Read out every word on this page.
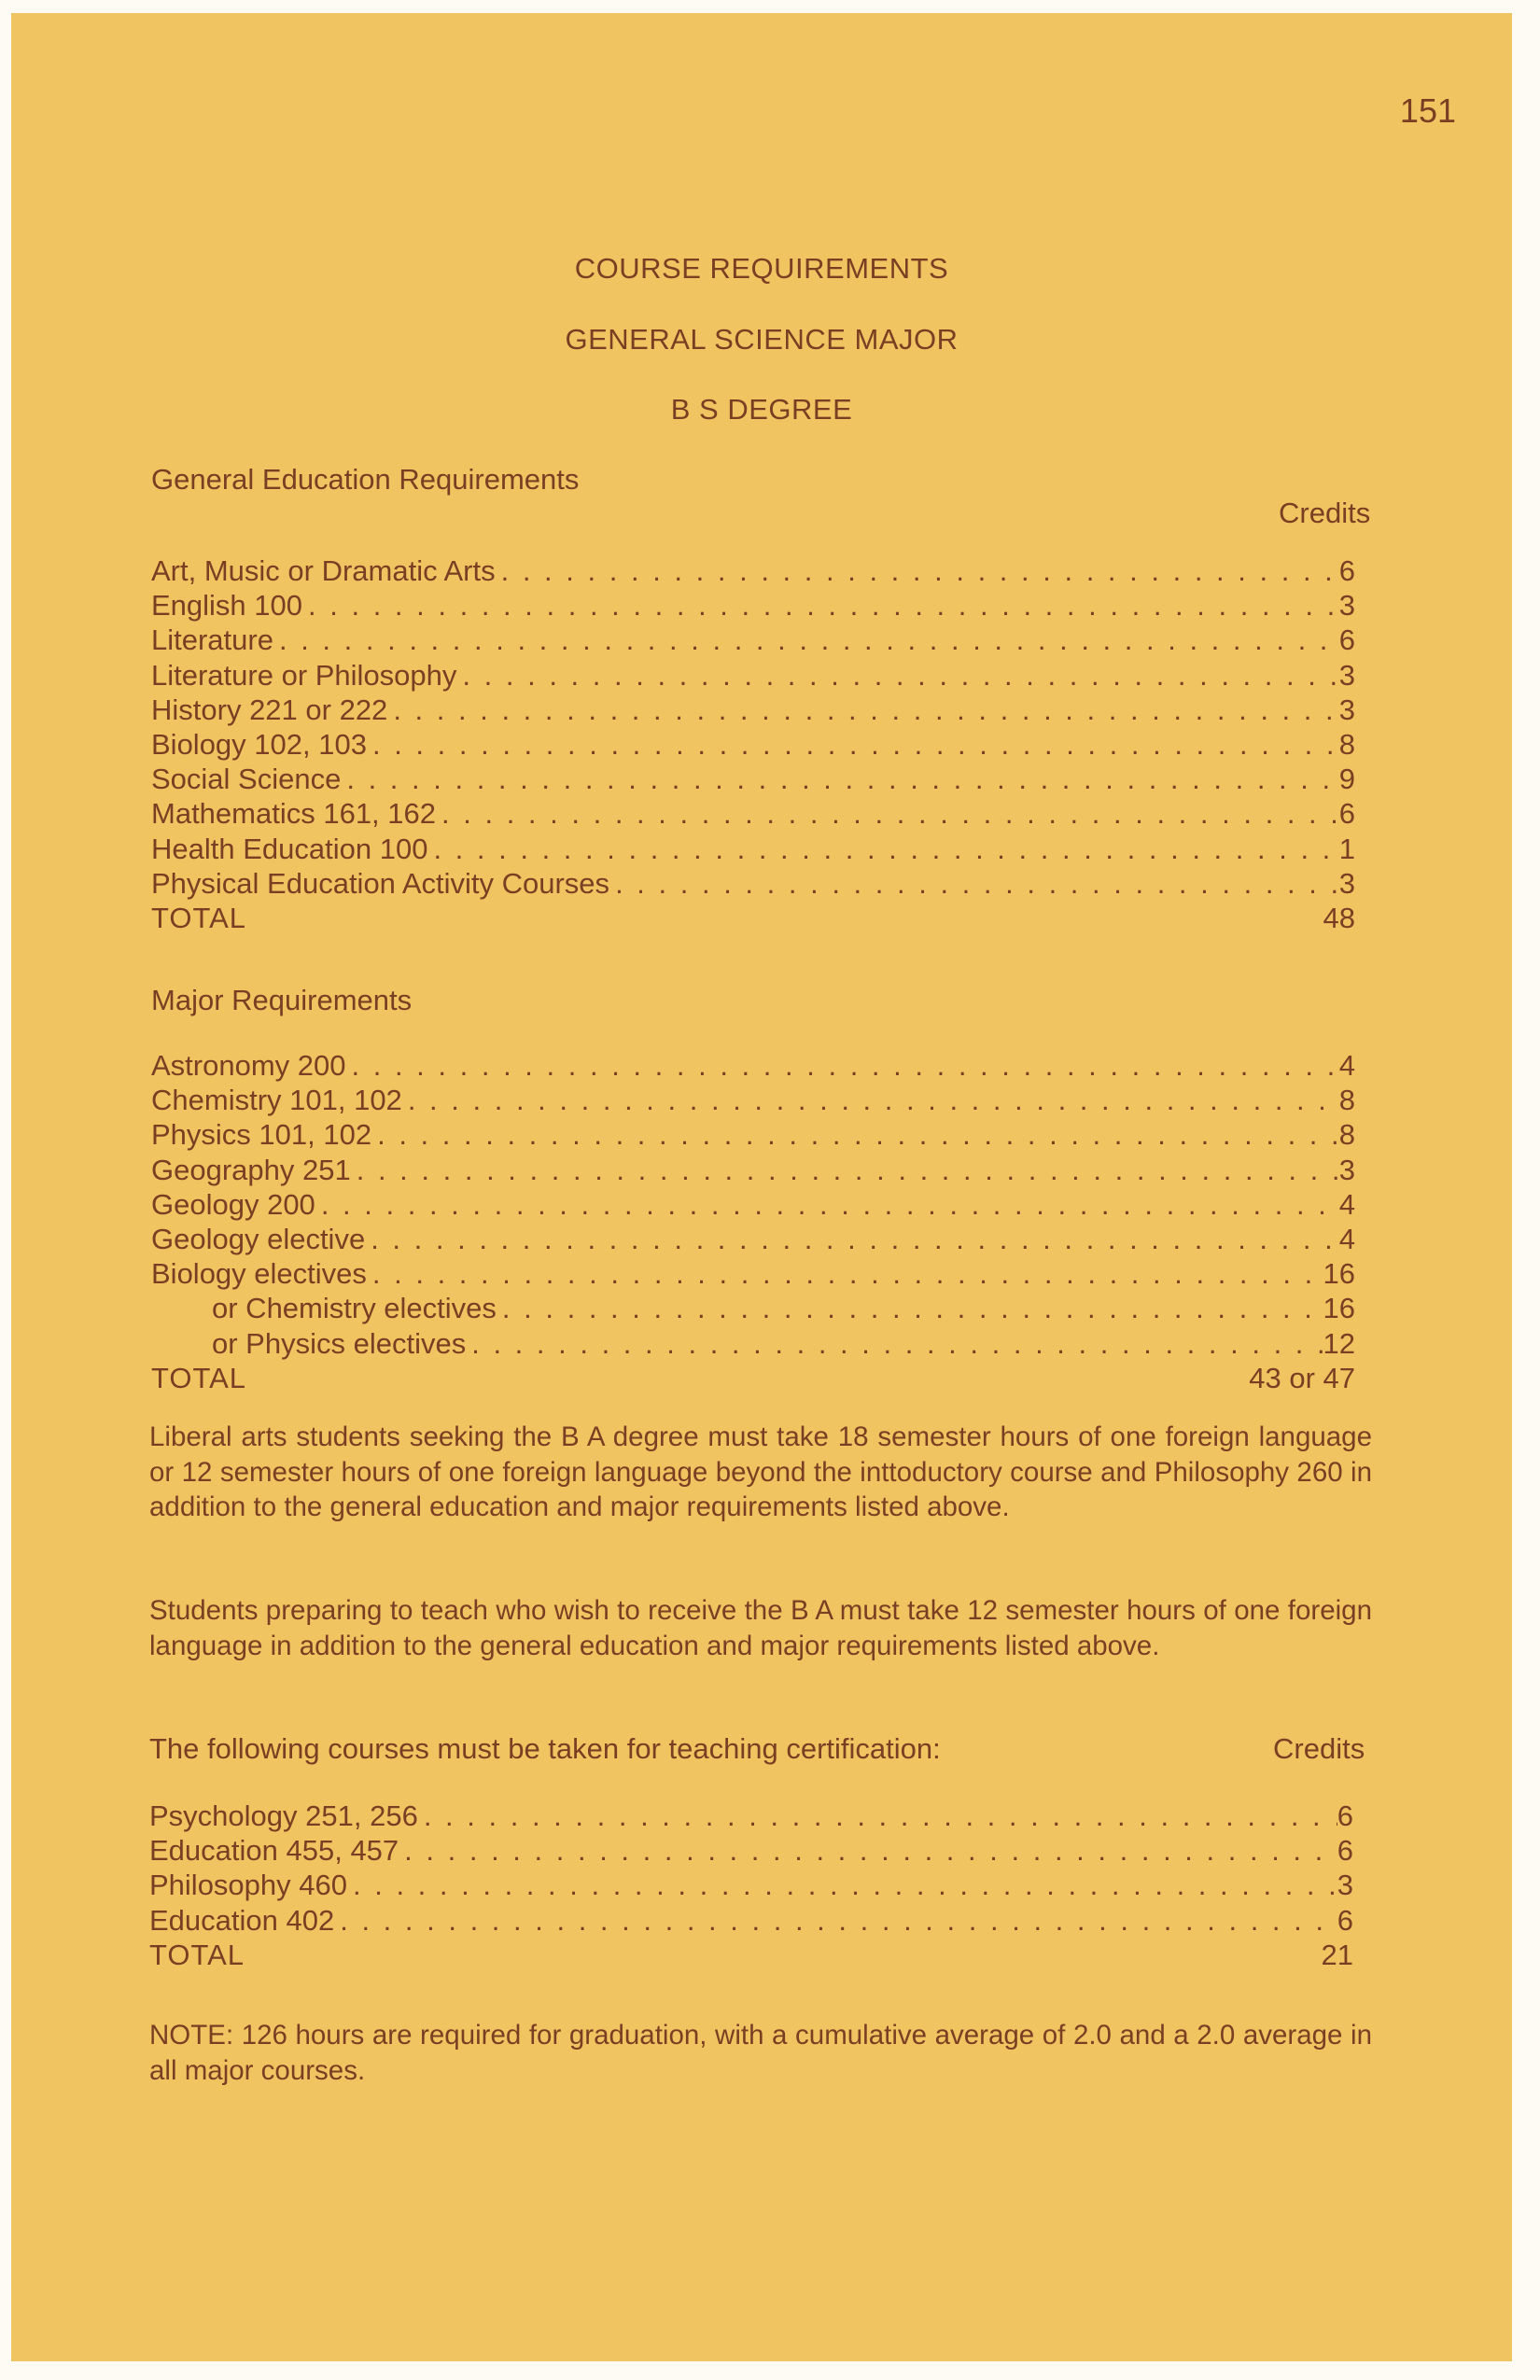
151
COURSE REQUIREMENTS
GENERAL SCIENCE MAJOR
B S DEGREE
General Education Requirements
Credits
Art, Music or Dramatic Arts . . .	6
English 100 . . .	3
Literature . . .	6
Literature or Philosophy . . .	3
History 221 or 222 . . .	3
Biology 102, 103 . . .	8
Social Science . . .	9
Mathematics 161, 162 . . .	6
Health Education 100 . . .	1
Physical Education Activity Courses . . .	3
TOTAL	48
Major Requirements
Astronomy 200 . . .	4
Chemistry 101, 102 . . .	8
Physics 101, 102 . . .	8
Geography 251 . . .	3
Geology 200 . . .	4
Geology elective . . .	4
Biology electives . . .	16
or Chemistry electives . . .	16
or Physics electives . . .	12
TOTAL	43 or 47

Liberal arts students seeking the B A degree must take 18 semester hours of one foreign language or 12 semester hours of one foreign language beyond the inttoductory course and Philosophy 260 in addition to the general education and major requirements listed above.

Students preparing to teach who wish to receive the B A must take 12 semester hours of one foreign language in addition to the general education and major requirements listed above.

The following courses must be taken for teaching certification:	Credits
Psychology 251, 256 . . .	6
Education 455, 457 . . .	6
Philosophy 460 . . .	3
Education 402 . . .	6
TOTAL	21

NOTE: 126 hours are required for graduation, with a cumulative average of 2.0 and a 2.0 average in all major courses.
